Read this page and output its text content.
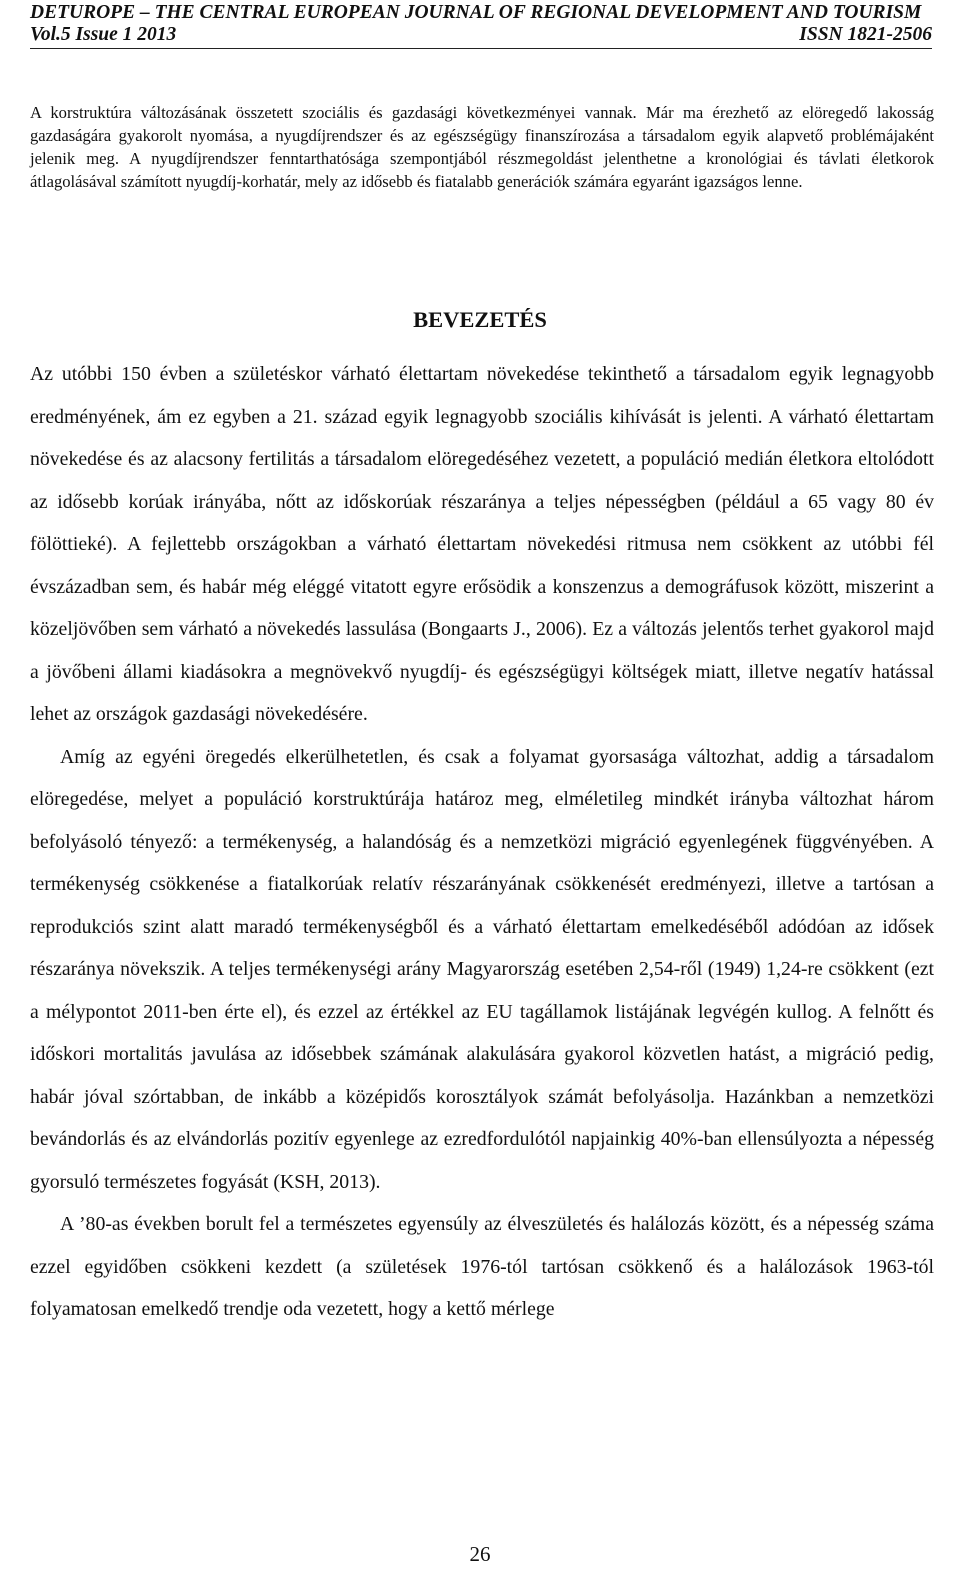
DETUROPE – THE CENTRAL EUROPEAN JOURNAL OF REGIONAL DEVELOPMENT AND TOURISM
Vol.5 Issue 1 2013	ISSN 1821-2506

A korstruktúra változásának összetett szociális és gazdasági következményei vannak. Már ma érezhető az elöregedő lakosság gazdaságára gyakorolt nyomása, a nyugdíjrendszer és az egészségügy finanszírozása a társadalom egyik alapvető problémájaként jelenik meg. A nyugdíjrendszer fenntarthatósága szempontjából részmegoldást jelenthetne a kronológiai és távlati életkorok átlagolásával számított nyugdíj-korhatár, mely az idősebb és fiatalabb generációk számára egyaránt igazságos lenne.

BEVEZETÉS

Az utóbbi 150 évben a születéskor várható élettartam növekedése tekinthető a társadalom egyik legnagyobb eredményének, ám ez egyben a 21. század egyik legnagyobb szociális kihívását is jelenti. A várható élettartam növekedése és az alacsony fertilitás a társadalom elöregedéséhez vezetett, a populáció medián életkora eltolódott az idősebb korúak irányába, nőtt az időskorúak részaránya a teljes népességben (például a 65 vagy 80 év fölöttieké). A fejlettebb országokban a várható élettartam növekedési ritmusa nem csökkent az utóbbi fél évszázadban sem, és habár még eléggé vitatott egyre erősödik a konszenzus a demográfusok között, miszerint a közeljövőben sem várható a növekedés lassulása (Bongaarts J., 2006). Ez a változás jelentős terhet gyakorol majd a jövőbeni állami kiadásokra a megnövekvő nyugdíj- és egészségügyi költségek miatt, illetve negatív hatással lehet az országok gazdasági növekedésére.

Amíg az egyéni öregedés elkerülhetetlen, és csak a folyamat gyorsasága változhat, addig a társadalom elöregedése, melyet a populáció korstruktúrája határoz meg, elméletileg mindkét irányba változhat három befolyásoló tényező: a termékenység, a halandóság és a nemzetközi migráció egyenlegének függvényében. A termékenység csökkenése a fiatalkorúak relatív részarányának csökkenését eredményezi, illetve a tartósan a reprodukciós szint alatt maradó termékenységből és a várható élettartam emelkedéséből adódóan az idősek részaránya növekszik. A teljes termékenységi arány Magyarország esetében 2,54-ről (1949) 1,24-re csökkent (ezt a mélypontot 2011-ben érte el), és ezzel az értékkel az EU tagállamok listájának legvégén kullog. A felnőtt és időskori mortalitás javulása az idősebbek számának alakulására gyakorol közvetlen hatást, a migráció pedig, habár jóval szórtabban, de inkább a középidős korosztályok számát befolyásolja. Hazánkban a nemzetközi bevándorlás és az elvándorlás pozitív egyenlege az ezredfordulótól napjainkig 40%-ban ellensúlyozta a népesség gyorsuló természetes fogyását (KSH, 2013).

A ’80-as években borult fel a természetes egyensúly az élveszületés és halálozás között, és a népesség száma ezzel egyidőben csökkeni kezdett (a születések 1976-tól tartósan csökkenő és a halálozások 1963-tól folyamatosan emelkedő trendje oda vezetett, hogy a kettő mérlege

26
